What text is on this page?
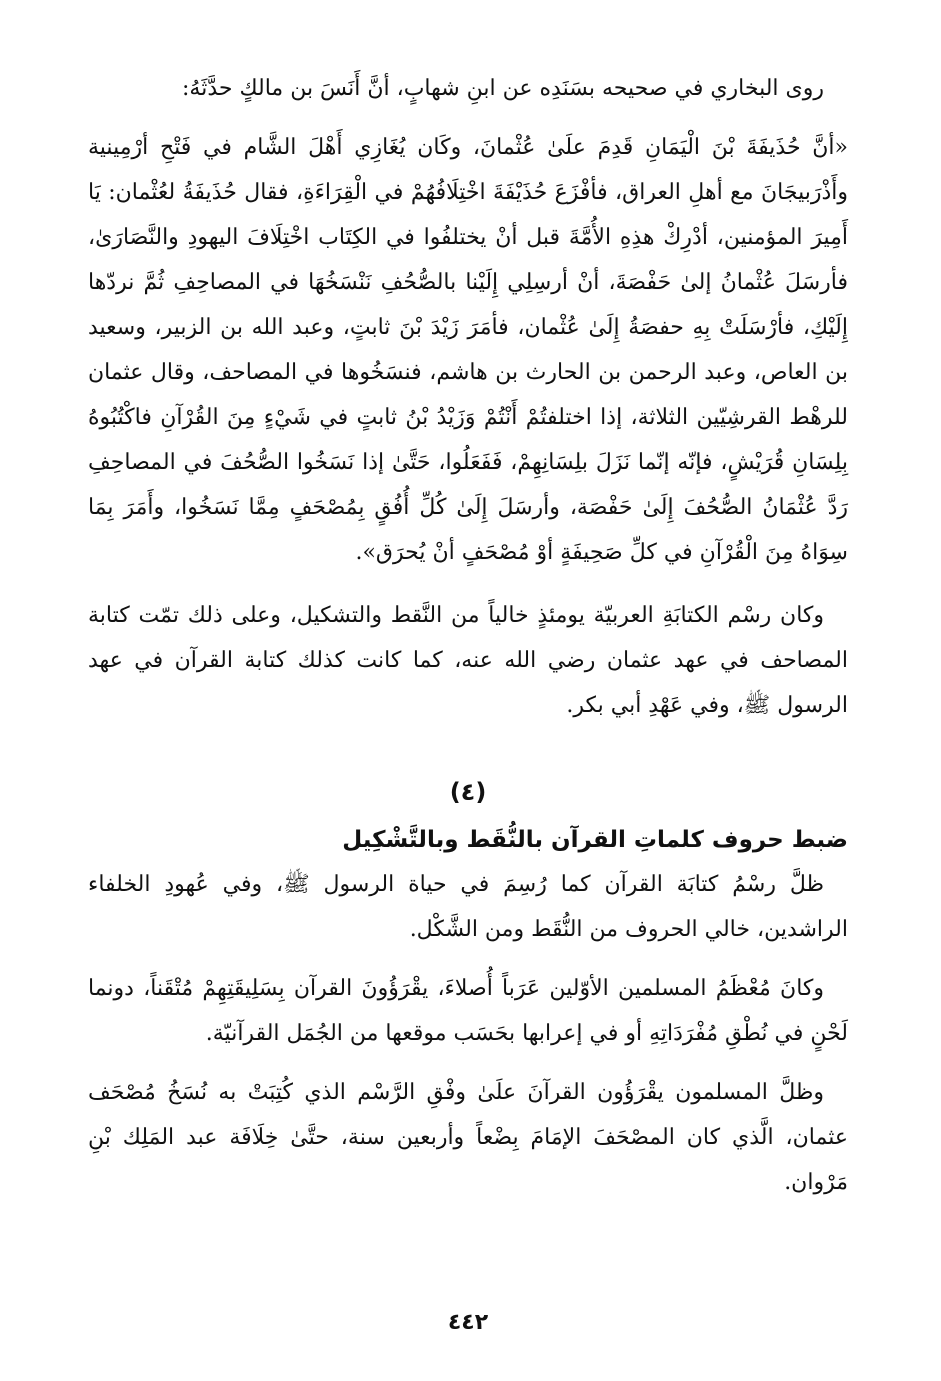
روى البخاري في صحيحه بسَنَدِه عن ابنِ شهابٍ، أنَّ أَنَسَ بن مالكٍ حدَّثَهُ:

«أنَّ حُذَيفَةَ بْنَ الْيَمَانِ قَدِمَ علَىٰ عُثْمانَ، وكَان يُغَازِي أَهْلَ الشَّام في فَتْحِ أرْمِينية وأَذْرَبيجَانَ مع أهلِ العراق، فأفْزَعَ حُذَيْفَةَ اخْتِلَافُهُمْ في الْقِرَاءَةِ، فقال حُذَيفَةُ لعُثْمان: يَا أَمِيرَ المؤمنين، أدْرِكْ هذِهِ الأُمَّةَ قبل أنْ يختلفُوا في الكِتَاب اخْتِلَافَ اليهودِ والنَّصَارَىٰ، فأرسَلَ عُثْمانُ إلىٰ حَفْصَةَ، أنْ أرسِلِي إِلَيْنا بالصُّحُفِ نَنْسَخُهَا في المصاحِفِ ثُمَّ نردّها إِلَيْكِ، فأرْسَلَتْ بِهِ حفصَةُ إِلَىٰ عُثْمان، فأمَرَ زَيْدَ بْنَ ثابتٍ، وعبد الله بن الزبير، وسعيد بن العاص، وعبد الرحمن بن الحارث بن هاشم، فنسَخُوها في المصاحف، وقال عثمان للرهْط القرشِيّين الثلاثة، إذا اختلفتُمْ أَنْتُمْ وَزَيْدُ بْنُ ثابتٍ في شَيْءٍ مِنَ القُرْآنِ فاكْتُبُوهُ بِلِسَانِ قُرَيْشٍ، فإنّه إنّما نَزَلَ بلِسَانِهِمْ، فَفَعَلُوا، حَتَّىٰ إذا نَسَخُوا الصُّحُفَ في المصاحِفِ رَدَّ عُثْمَانُ الصُّحُفَ إِلَىٰ حَفْصَة، وأرسَلَ إِلَىٰ كُلِّ أُفُقٍ بِمُصْحَفٍ مِمَّا نَسَخُوا، وأَمَرَ بِمَا سِوَاهُ مِنَ الْقُرْآنِ في كلِّ صَحِيفَةٍ أوْ مُصْحَفٍ أنْ يُحرَق».

وكان رسْم الكتابَةِ العربيّة يومئذٍ خالياً من النَّقط والتشكيل، وعلى ذلك تمّت كتابة المصاحف في عهد عثمان رضي الله عنه، كما كانت كذلك كتابة القرآن في عهد الرسول ﷺ، وفي عَهْدِ أبي بكر.

(٤)
ضبط حروف كلماتِ القرآن بالنُّقَط وبالتَّشْكِيل

ظلَّ رسْمُ كتابَة القرآن كما رُسِمَ في حياة الرسول ﷺ، وفي عُهودِ الخلفاء الراشدين، خالي الحروف من النُّقَط ومن الشَّكْل.

وكانَ مُعْظَمُ المسلمين الأوّلين عَرَباً أُصلاءَ، يقْرَؤُونَ القرآن بِسَلِيقَتِهِمْ مُتْقَناً، دونما لَحْنٍ في نُطْقِ مُفْرَدَاتِهِ أو في إعرابها بحَسَب موقعها من الجُمَل القرآنيّة.

وظلَّ المسلمون يقْرَؤُون القرآنَ علَىٰ وفْقِ الرَّسْم الذي كُتِبَتْ به نُسَخُ مُصْحَف عثمان، الَّذي كان المصْحَفَ الإمَامَ بِضْعاً وأربعين سنة، حتَّىٰ خِلَافَة عبد المَلِك بْنِ مَرْوان.

٤٤٢
